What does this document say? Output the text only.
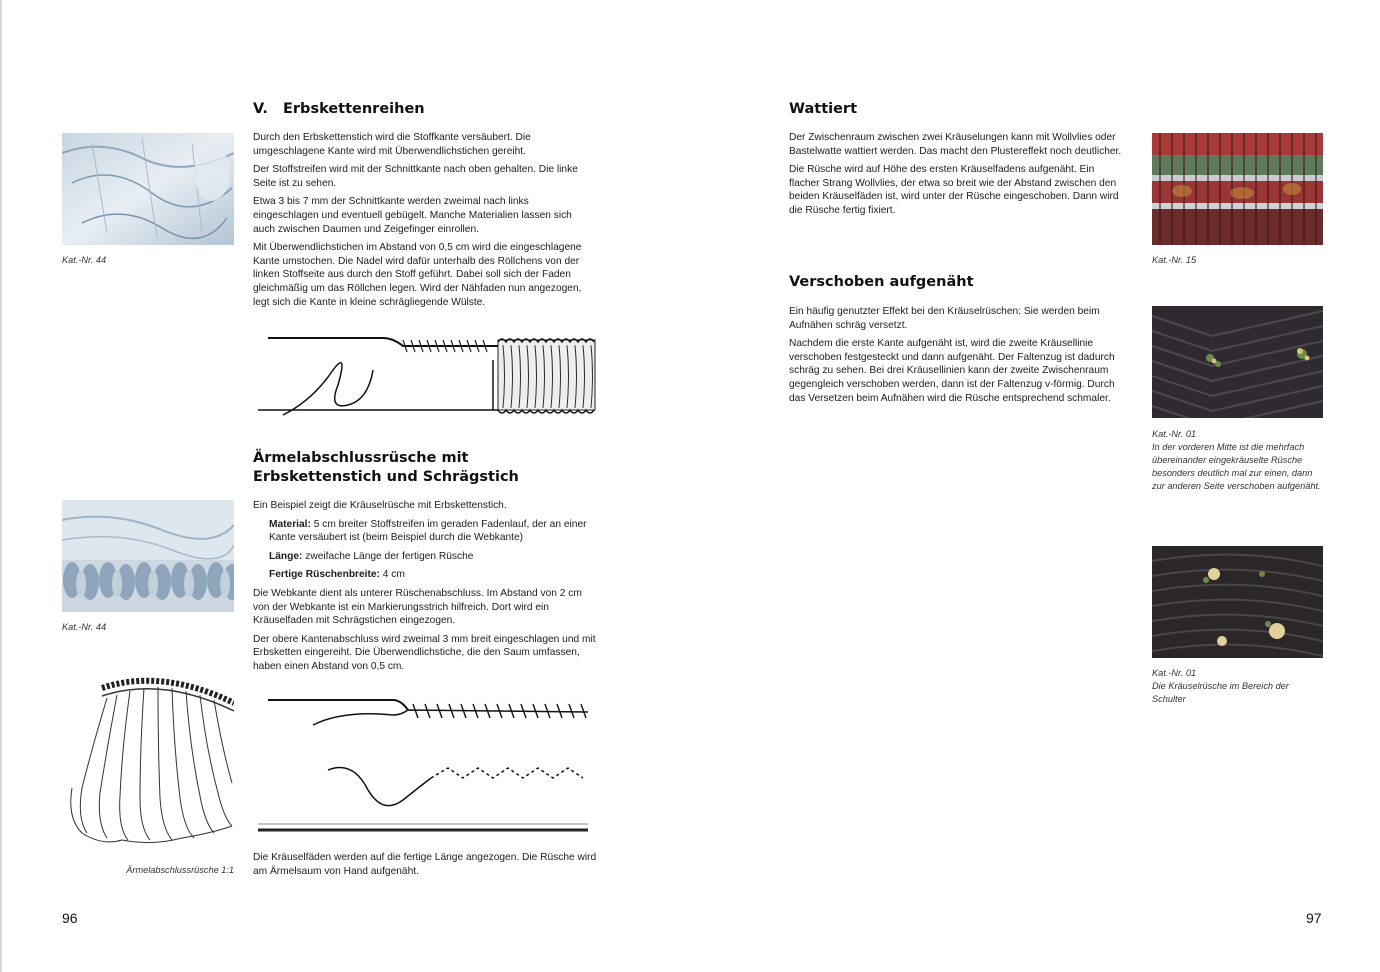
Kat.-Nr. 44
V.   Erbskettenreihen

Durch den Erbskettenstich wird die Stoffkante versäubert. Die umgeschlagene Kante wird mit Überwendlichstichen gereiht.

Der Stoffstreifen wird mit der Schnittkante nach oben gehalten. Die linke Seite ist zu sehen.

Etwa 3 bis 7 mm der Schnittkante werden zweimal nach links eingeschlagen und eventuell gebügelt. Manche Materialien lassen sich auch zwischen Daumen und Zeigefinger einrollen.

Mit Überwendlichstichen im Abstand von 0,5 cm wird die eingeschlagene Kante umstochen. Die Nadel wird dafür unterhalb des Röllchens von der linken Stoffseite aus durch den Stoff geführt. Dabei soll sich der Faden gleichmäßig um das Röllchen legen. Wird der Nähfaden nun angezogen, legt sich die Kante in kleine schrägliegende Wülste.

Ärmelabschlussrüsche mit Erbskettenstich und Schrägstich

Ein Beispiel zeigt die Kräuselrüsche mit Erbskettenstich.

Material: 5 cm breiter Stoffstreifen im geraden Fadenlauf, der an einer Kante versäubert ist (beim Beispiel durch die Webkante)

Länge: zweifache Länge der fertigen Rüsche

Fertige Rüschenbreite: 4 cm

Die Webkante dient als unterer Rüschenabschluss. Im Abstand von 2 cm von der Webkante ist ein Markierungsstrich hilfreich. Dort wird ein Kräuselfaden mit Schrägstichen eingezogen.

Der obere Kantenabschluss wird zweimal 3 mm breit eingeschlagen und mit Erbsketten eingereiht. Die Überwendlichstiche, die den Saum umfassen, haben einen Abstand von 0,5 cm.

Kat.-Nr. 44
Ärmelabschlussrüsche 1:1

Die Kräuselfäden werden auf die fertige Länge angezogen. Die Rüsche wird am Ärmelsaum von Hand aufgenäht.

96
Wattiert

Der Zwischenraum zwischen zwei Kräuselungen kann mit Wollvlies oder Bastelwatte wattiert werden. Das macht den Plustereffekt noch deutlicher.

Die Rüsche wird auf Höhe des ersten Kräuselfadens aufgenäht. Ein flacher Strang Wollvlies, der etwa so breit wie der Abstand zwischen den beiden Kräuselfäden ist, wird unter der Rüsche eingeschoben. Dann wird die Rüsche fertig fixiert.

Verschoben aufgenäht

Ein häufig genutzter Effekt bei den Kräuselrüschen: Sie werden beim Aufnähen schräg versetzt.

Nachdem die erste Kante aufgenäht ist, wird die zweite Kräusellinie verschoben festgesteckt und dann aufgenäht. Der Faltenzug ist dadurch schräg zu sehen. Bei drei Kräusellinien kann der zweite Zwischenraum gegengleich verschoben werden, dann ist der Faltenzug v-förmig. Durch das Versetzen beim Aufnähen wird die Rüsche entsprechend schmaler.

Kat.-Nr. 15
Kat.-Nr. 01
In der vorderen Mitte ist die mehrfach übereinander eingekräuselte Rüsche besonders deutlich mal zur einen, dann zur anderen Seite verschoben aufgenäht.
Kat.-Nr. 01
Die Kräuselrüsche im Bereich der Schulter
97
